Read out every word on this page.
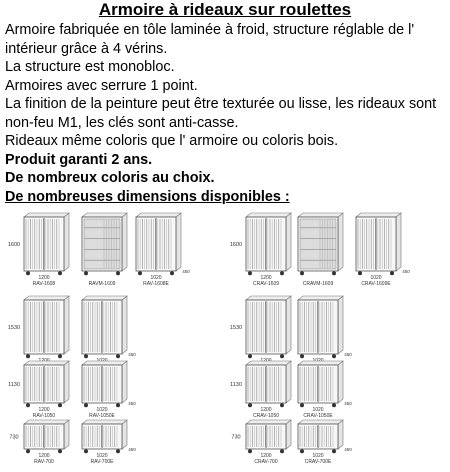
Armoire à rideaux sur roulettes

Armoire fabriquée en tôle laminée à froid, structure réglable de l' intérieur grâce à 4 vérins.

La structure est monobloc.

Armoires avec serrure 1 point.

La finition de la peinture peut être texturée ou lisse, les rideaux sont non-feu M1, les clés sont anti-casse.

Rideaux même coloris que l' armoire ou coloris bois.

Produit garanti 2 ans.

De nombreux coloris au choix.

De nombreuses dimensions disponibles :

1600
1200
RAV-1608	RAVM-1609
1020
RAV-1608E
450
1530
450
1130
1200
RAV-1050
1020
RAV-1050E
450
730
1200
RAV-700
1020
RAV-700E
450
1600
1200
CRAV-1609	CRAVM-1609
1020
CRAV-1609E
450
1530
450
1130
1200
CRAV-1050
1020
CRAV-1050E
450
730
1200
CRAV-700
1020
CRAV-700E
450
